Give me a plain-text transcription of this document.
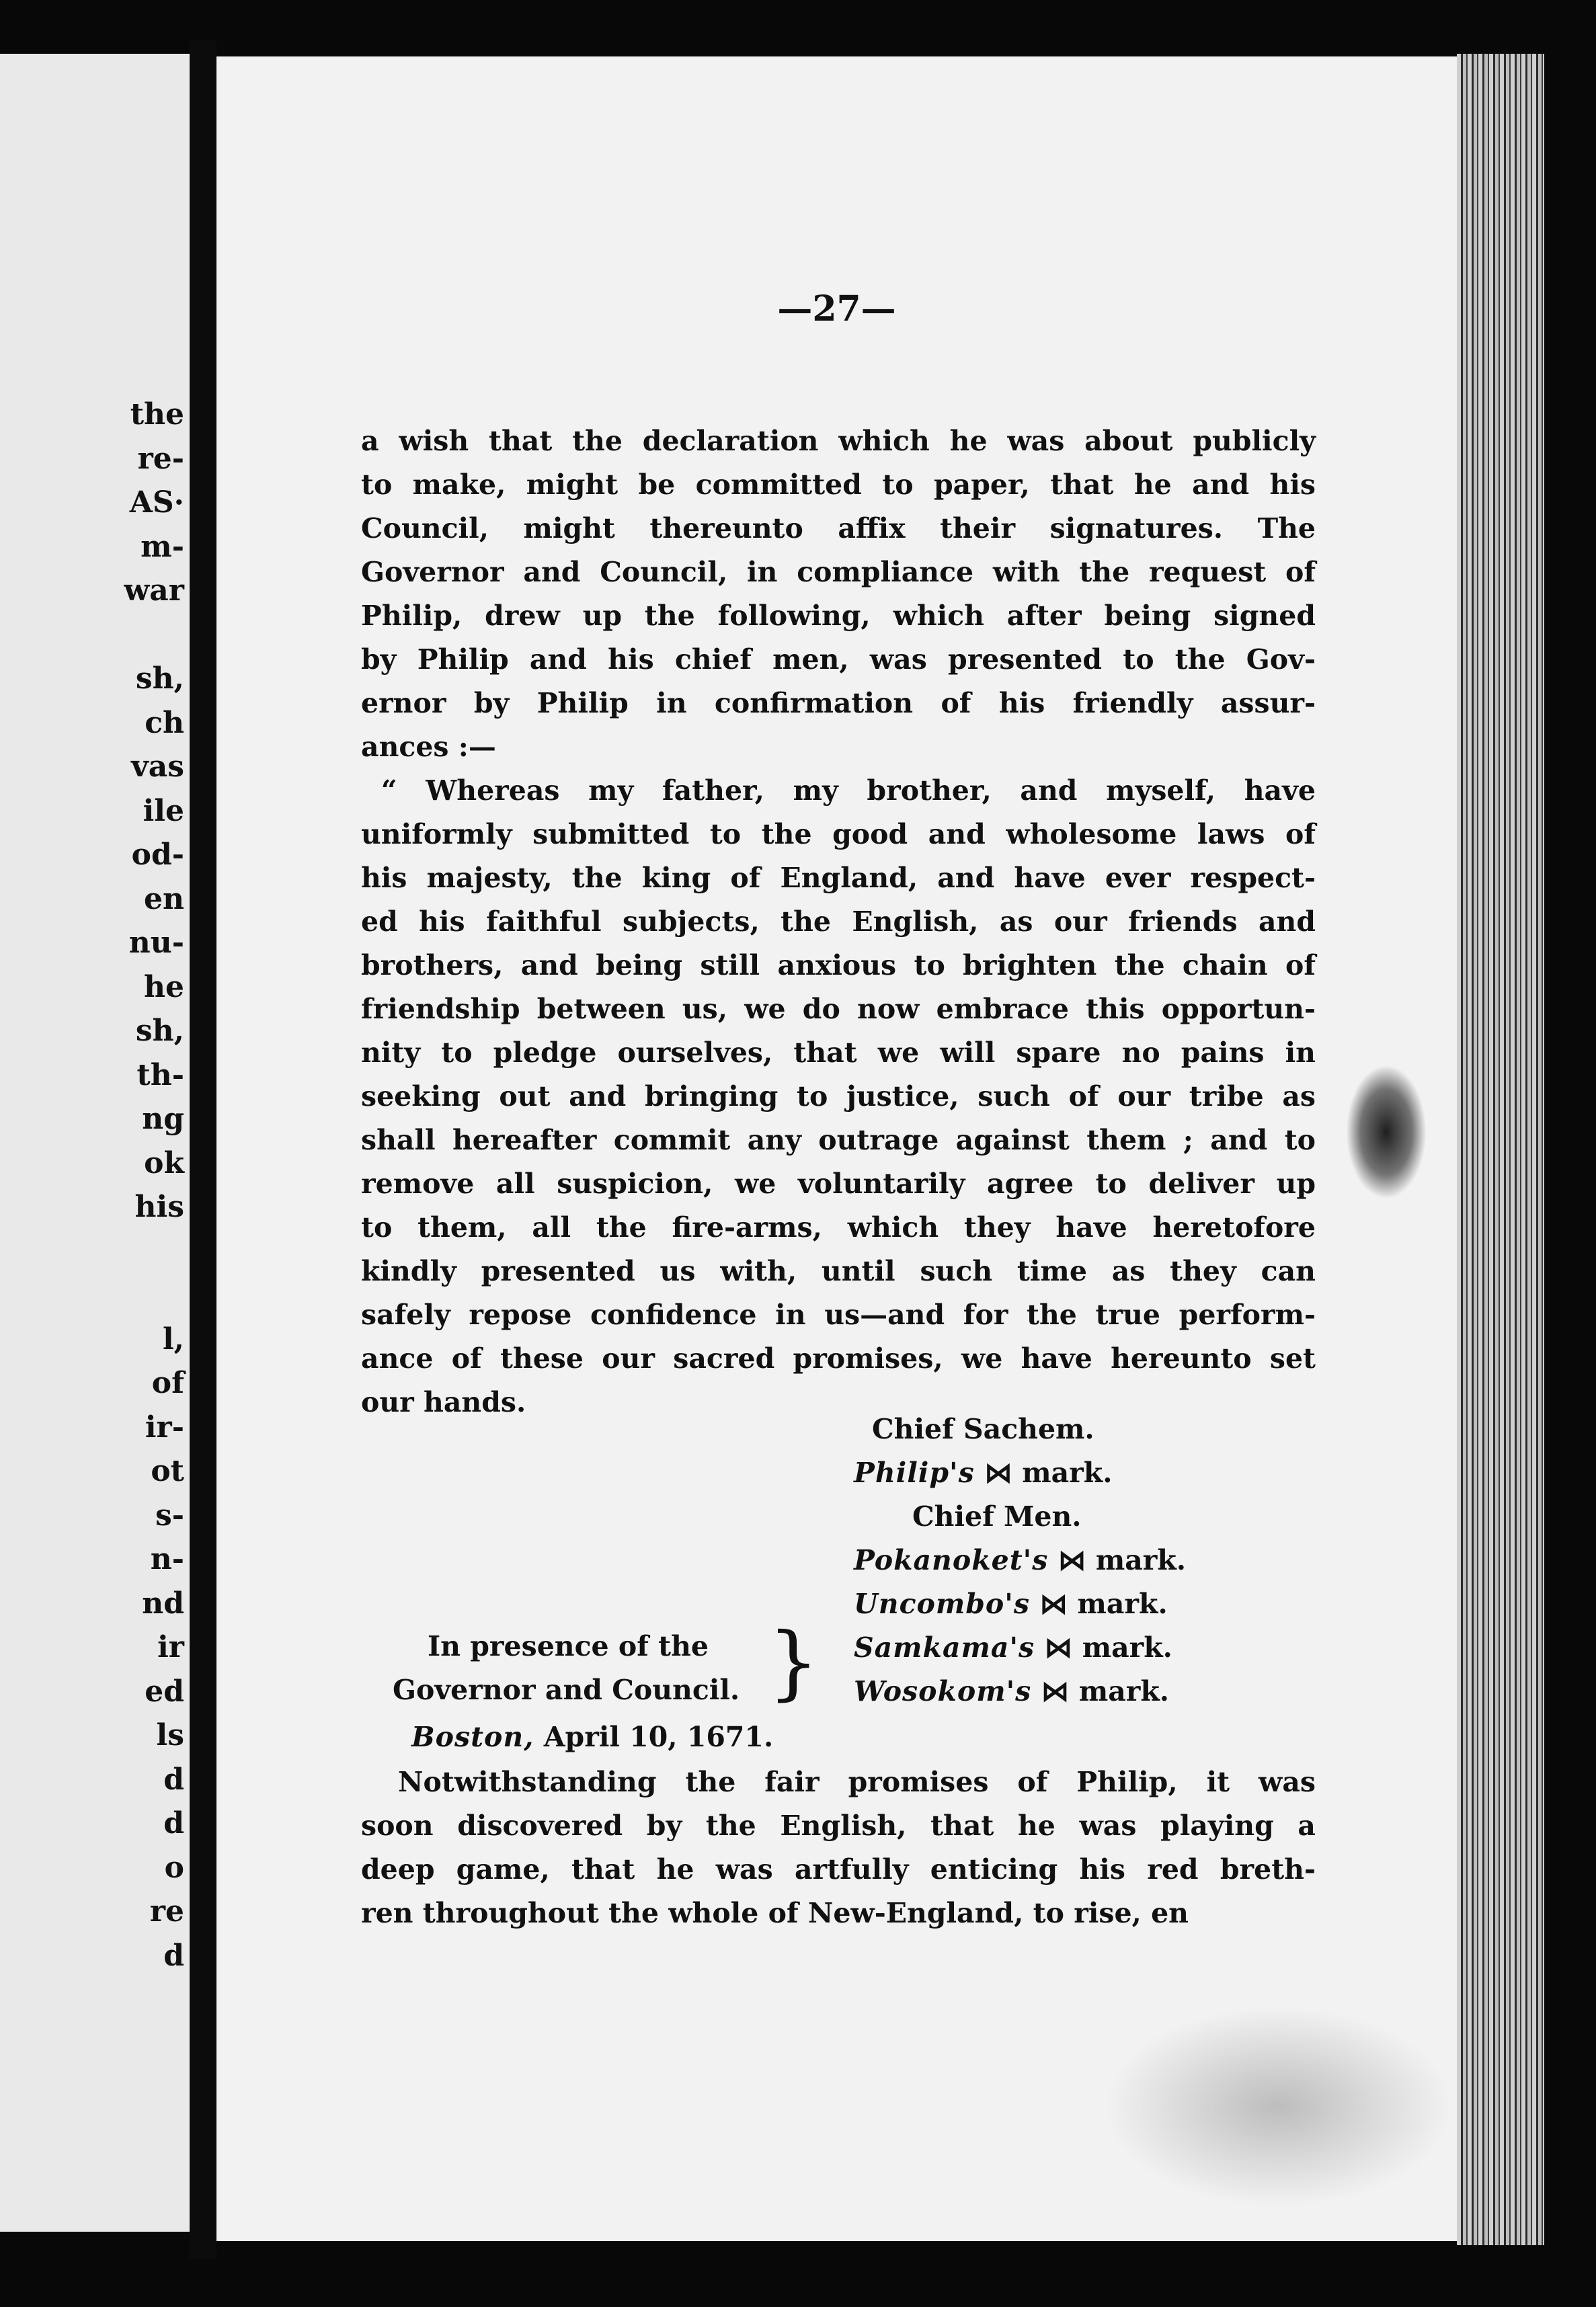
the
re-
AS·
m-
war
sh,
ch
vas
ile
od-
en
nu-
he
sh,
th-
ng
ok
his
l,
of
ir-
ot
s-
n-
nd
ir
ed
ls
d
d
o
re
d
—27—
a wish that the declaration which he was about publicly
to make, might be committed to paper, that he and his
Council, might thereunto affix their signatures. The
Governor and Council, in compliance with the request of
Philip, drew up the following, which after being signed
by Philip and his chief men, was presented to the Gov-
ernor by Philip in confirmation of his friendly assur-
ances :—
“ Whereas my father, my brother, and myself, have
uniformly submitted to the good and wholesome laws of
his majesty, the king of England, and have ever respect-
ed his faithful subjects, the English, as our friends and
brothers, and being still anxious to brighten the chain of
friendship between us, we do now embrace this opportun-
nity to pledge ourselves, that we will spare no pains in
seeking out and bringing to justice, such of our tribe as
shall hereafter commit any outrage against them ; and to
remove all suspicion, we voluntarily agree to deliver up
to them, all the fire-arms, which they have heretofore
kindly presented us with, until such time as they can
safely repose confidence in us—and for the true perform-
ance of these our sacred promises, we have hereunto set
our hands.
Chief Sachem.
Philip's ⋈ mark.
Chief Men.
Pokanoket's ⋈ mark.
Uncombo's ⋈ mark.
Samkama's ⋈ mark.
Wosokom's ⋈ mark.
In presence of the
Governor and Council. }
Boston, April 10, 1671.
Notwithstanding the fair promises of Philip, it was
soon discovered by the English, that he was playing a
deep game, that he was artfully enticing his red breth-
ren throughout the whole of New-England, to rise, en
